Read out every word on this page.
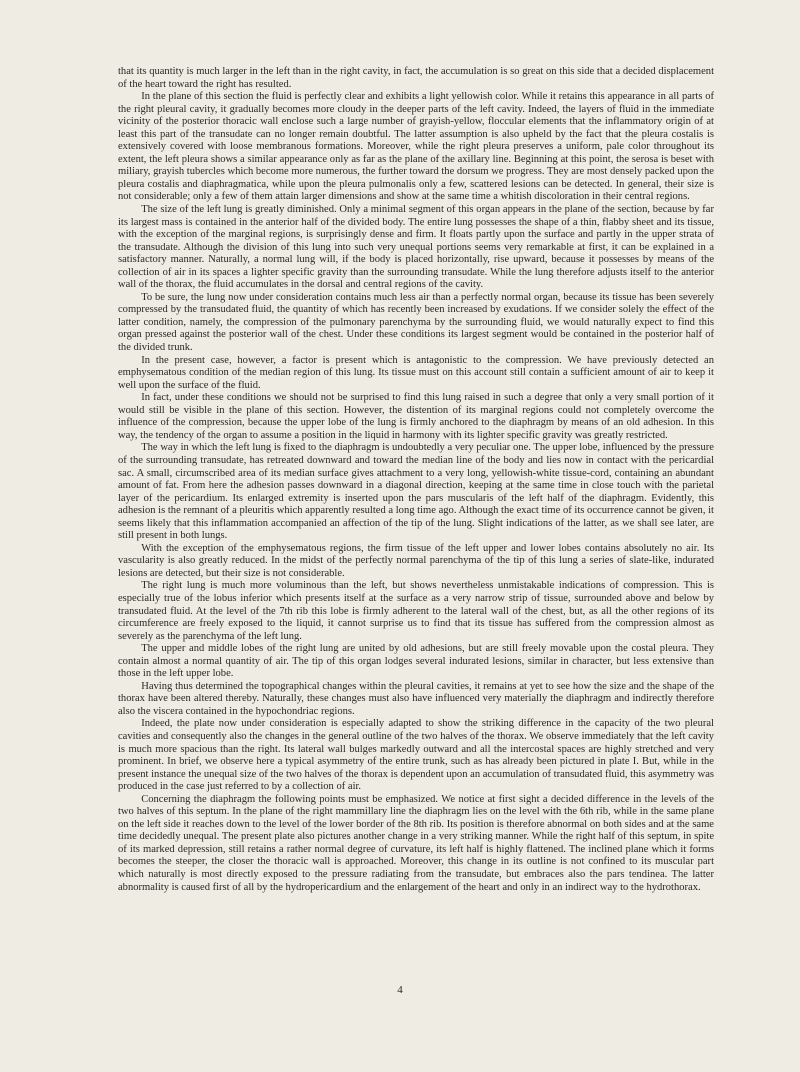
that its quantity is much larger in the left than in the right cavity, in fact, the accumulation is so great on this side that a decided displacement of the heart toward the right has resulted.

In the plane of this section the fluid is perfectly clear and exhibits a light yellowish color. While it retains this appearance in all parts of the right pleural cavity, it gradually becomes more cloudy in the deeper parts of the left cavity. Indeed, the layers of fluid in the immediate vicinity of the posterior thoracic wall enclose such a large number of grayish-yellow, floccular elements that the inflammatory origin of at least this part of the transudate can no longer remain doubtful. The latter assumption is also upheld by the fact that the pleura costalis is extensively covered with loose membranous formations. Moreover, while the right pleura preserves a uniform, pale color throughout its extent, the left pleura shows a similar appearance only as far as the plane of the axillary line. Beginning at this point, the serosa is beset with miliary, grayish tubercles which become more numerous, the further toward the dorsum we progress. They are most densely packed upon the pleura costalis and diaphragmatica, while upon the pleura pulmonalis only a few, scattered lesions can be detected. In general, their size is not considerable; only a few of them attain larger dimensions and show at the same time a whitish discoloration in their central regions.

The size of the left lung is greatly diminished. Only a minimal segment of this organ appears in the plane of the section, because by far its largest mass is contained in the anterior half of the divided body. The entire lung possesses the shape of a thin, flabby sheet and its tissue, with the exception of the marginal regions, is surprisingly dense and firm. It floats partly upon the surface and partly in the upper strata of the transudate. Although the division of this lung into such very unequal portions seems very remarkable at first, it can be explained in a satisfactory manner. Naturally, a normal lung will, if the body is placed horizontally, rise upward, because it possesses by means of the collection of air in its spaces a lighter specific gravity than the surrounding transudate. While the lung therefore adjusts itself to the anterior wall of the thorax, the fluid accumulates in the dorsal and central regions of the cavity.

To be sure, the lung now under consideration contains much less air than a perfectly normal organ, because its tissue has been severely compressed by the transudated fluid, the quantity of which has recently been increased by exudations. If we consider solely the effect of the latter condition, namely, the compression of the pulmonary parenchyma by the surrounding fluid, we would naturally expect to find this organ pressed against the posterior wall of the chest. Under these conditions its largest segment would be contained in the posterior half of the divided trunk.

In the present case, however, a factor is present which is antagonistic to the compression. We have previously detected an emphysematous condition of the median region of this lung. Its tissue must on this account still contain a sufficient amount of air to keep it well upon the surface of the fluid.

In fact, under these conditions we should not be surprised to find this lung raised in such a degree that only a very small portion of it would still be visible in the plane of this section. However, the distention of its marginal regions could not completely overcome the influence of the compression, because the upper lobe of the lung is firmly anchored to the diaphragm by means of an old adhesion. In this way, the tendency of the organ to assume a position in the liquid in harmony with its lighter specific gravity was greatly restricted.

The way in which the left lung is fixed to the diaphragm is undoubtedly a very peculiar one. The upper lobe, influenced by the pressure of the surrounding transudate, has retreated downward and toward the median line of the body and lies now in contact with the pericardial sac. A small, circumscribed area of its median surface gives attachment to a very long, yellowish-white tissue-cord, containing an abundant amount of fat. From here the adhesion passes downward in a diagonal direction, keeping at the same time in close touch with the parietal layer of the pericardium. Its enlarged extremity is inserted upon the pars muscularis of the left half of the diaphragm. Evidently, this adhesion is the remnant of a pleuritis which apparently resulted a long time ago. Although the exact time of its occurrence cannot be given, it seems likely that this inflammation accompanied an affection of the tip of the lung. Slight indications of the latter, as we shall see later, are still present in both lungs.

With the exception of the emphysematous regions, the firm tissue of the left upper and lower lobes contains absolutely no air. Its vascularity is also greatly reduced. In the midst of the perfectly normal parenchyma of the tip of this lung a series of slate-like, indurated lesions are detected, but their size is not considerable.

The right lung is much more voluminous than the left, but shows nevertheless unmistakable indications of compression. This is especially true of the lobus inferior which presents itself at the surface as a very narrow strip of tissue, surrounded above and below by transudated fluid. At the level of the 7th rib this lobe is firmly adherent to the lateral wall of the chest, but, as all the other regions of its circumference are freely exposed to the liquid, it cannot surprise us to find that its tissue has suffered from the compression almost as severely as the parenchyma of the left lung.

The upper and middle lobes of the right lung are united by old adhesions, but are still freely movable upon the costal pleura. They contain almost a normal quantity of air. The tip of this organ lodges several indurated lesions, similar in character, but less extensive than those in the left upper lobe.

Having thus determined the topographical changes within the pleural cavities, it remains at yet to see how the size and the shape of the thorax have been altered thereby. Naturally, these changes must also have influenced very materially the diaphragm and indirectly therefore also the viscera contained in the hypochondriac regions.

Indeed, the plate now under consideration is especially adapted to show the striking difference in the capacity of the two pleural cavities and consequently also the changes in the general outline of the two halves of the thorax. We observe immediately that the left cavity is much more spacious than the right. Its lateral wall bulges markedly outward and all the intercostal spaces are highly stretched and very prominent. In brief, we observe here a typical asymmetry of the entire trunk, such as has already been pictured in plate I. But, while in the present instance the unequal size of the two halves of the thorax is dependent upon an accumulation of transudated fluid, this asymmetry was produced in the case just referred to by a collection of air.

Concerning the diaphragm the following points must be emphasized. We notice at first sight a decided difference in the levels of the two halves of this septum. In the plane of the right mammillary line the diaphragm lies on the level with the 6th rib, while in the same plane on the left side it reaches down to the level of the lower border of the 8th rib. Its position is therefore abnormal on both sides and at the same time decidedly unequal. The present plate also pictures another change in a very striking manner. While the right half of this septum, in spite of its marked depression, still retains a rather normal degree of curvature, its left half is highly flattened. The inclined plane which it forms becomes the steeper, the closer the thoracic wall is approached. Moreover, this change in its outline is not confined to its muscular part which naturally is most directly exposed to the pressure radiating from the transudate, but embraces also the pars tendinea. The latter abnormality is caused first of all by the hydropericardium and the enlargement of the heart and only in an indirect way to the hydrothorax.

4
